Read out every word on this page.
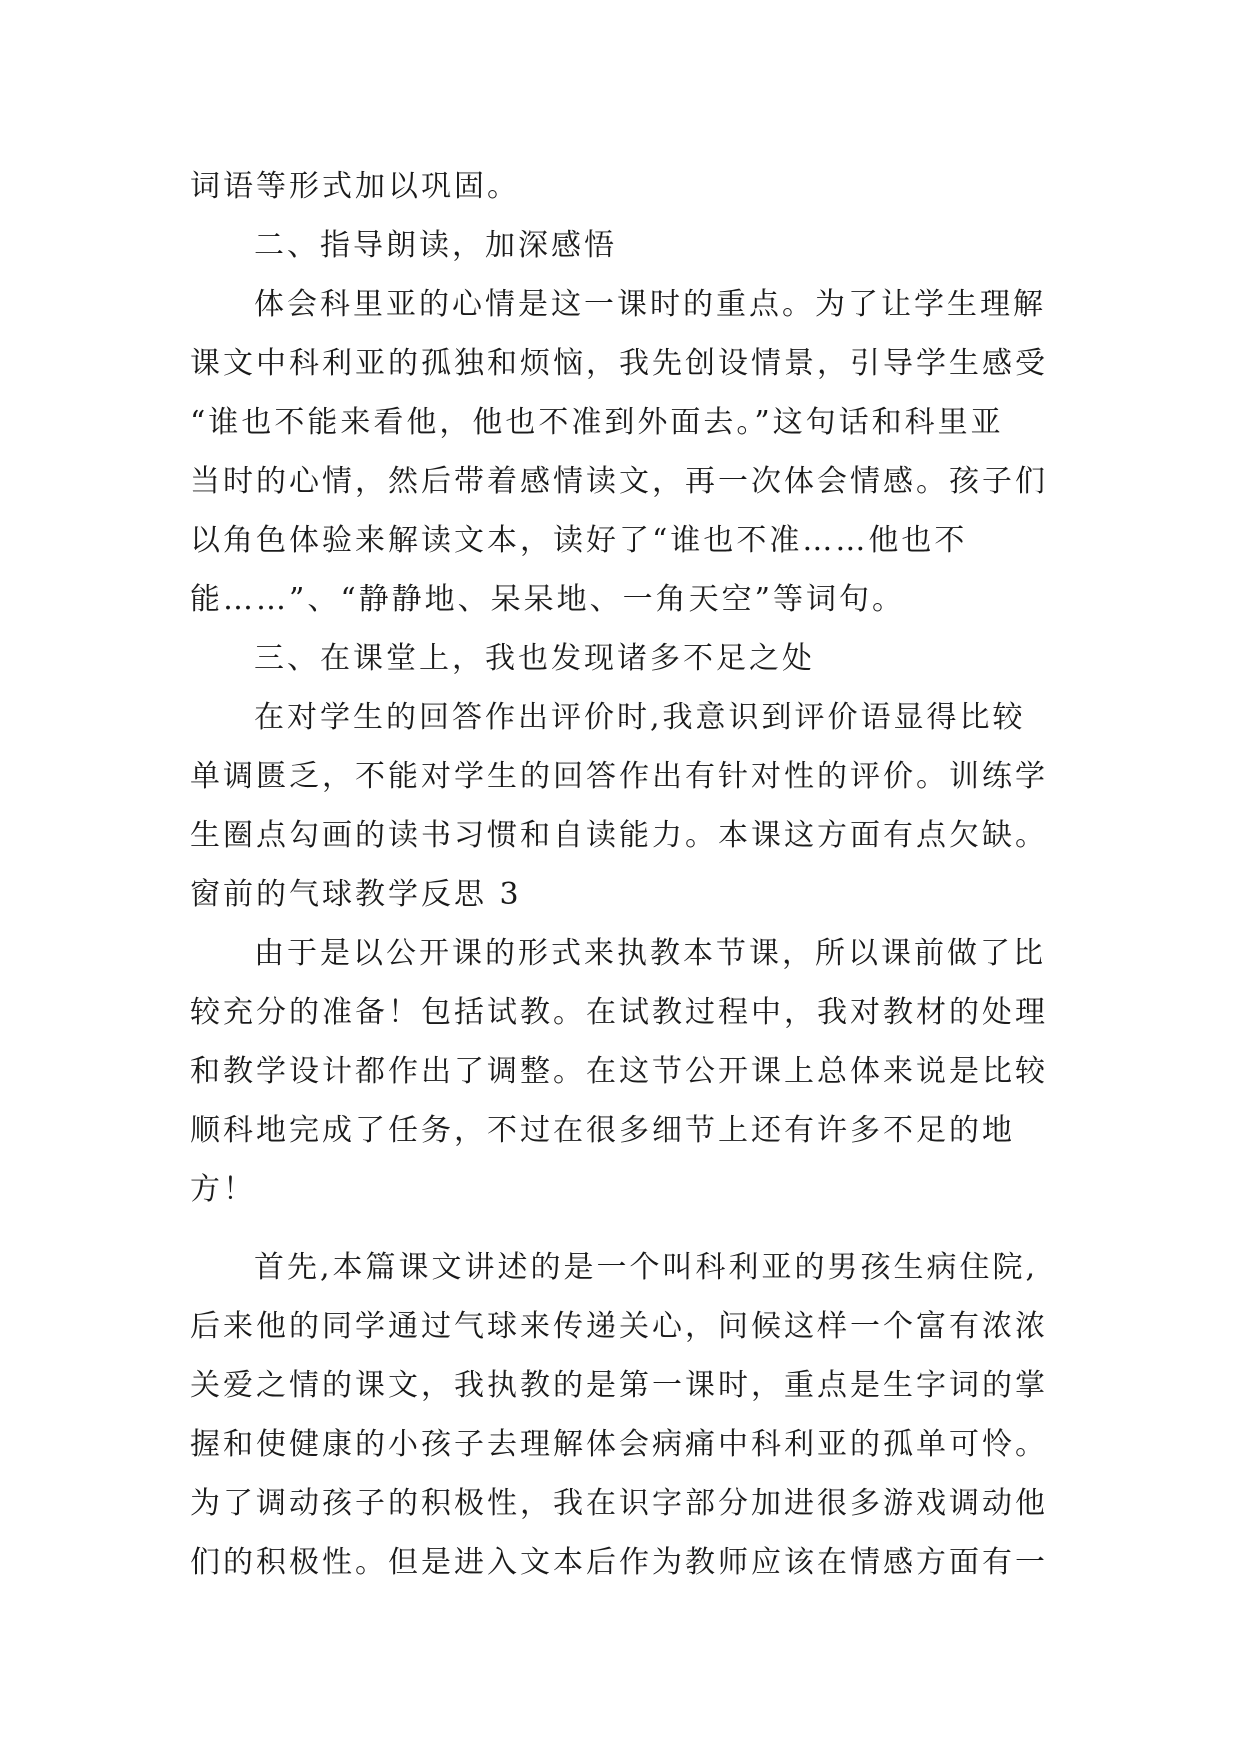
词语等形式加以巩固。
二、指导朗读，加深感悟
体会科里亚的心情是这一课时的重点。为了让学生理解
课文中科利亚的孤独和烦恼，我先创设情景，引导学生感受
“谁也不能来看他，他也不准到外面去。”这句话和科里亚
当时的心情，然后带着感情读文，再一次体会情感。孩子们
以角色体验来解读文本，读好了“谁也不准……他也不
能……”、“静静地、呆呆地、一角天空”等词句。
三、在课堂上，我也发现诸多不足之处
在对学生的回答作出评价时,我意识到评价语显得比较
单调匮乏，不能对学生的回答作出有针对性的评价。训练学
生圈点勾画的读书习惯和自读能力。本课这方面有点欠缺。
窗前的气球教学反思 3
由于是以公开课的形式来执教本节课，所以课前做了比
较充分的准备！包括试教。在试教过程中，我对教材的处理
和教学设计都作出了调整。在这节公开课上总体来说是比较
顺科地完成了任务，不过在很多细节上还有许多不足的地
方！
首先,本篇课文讲述的是一个叫科利亚的男孩生病住院,
后来他的同学通过气球来传递关心，问候这样一个富有浓浓
关爱之情的课文，我执教的是第一课时，重点是生字词的掌
握和使健康的小孩子去理解体会病痛中科利亚的孤单可怜。
为了调动孩子的积极性，我在识字部分加进很多游戏调动他
们的积极性。但是进入文本后作为教师应该在情感方面有一
